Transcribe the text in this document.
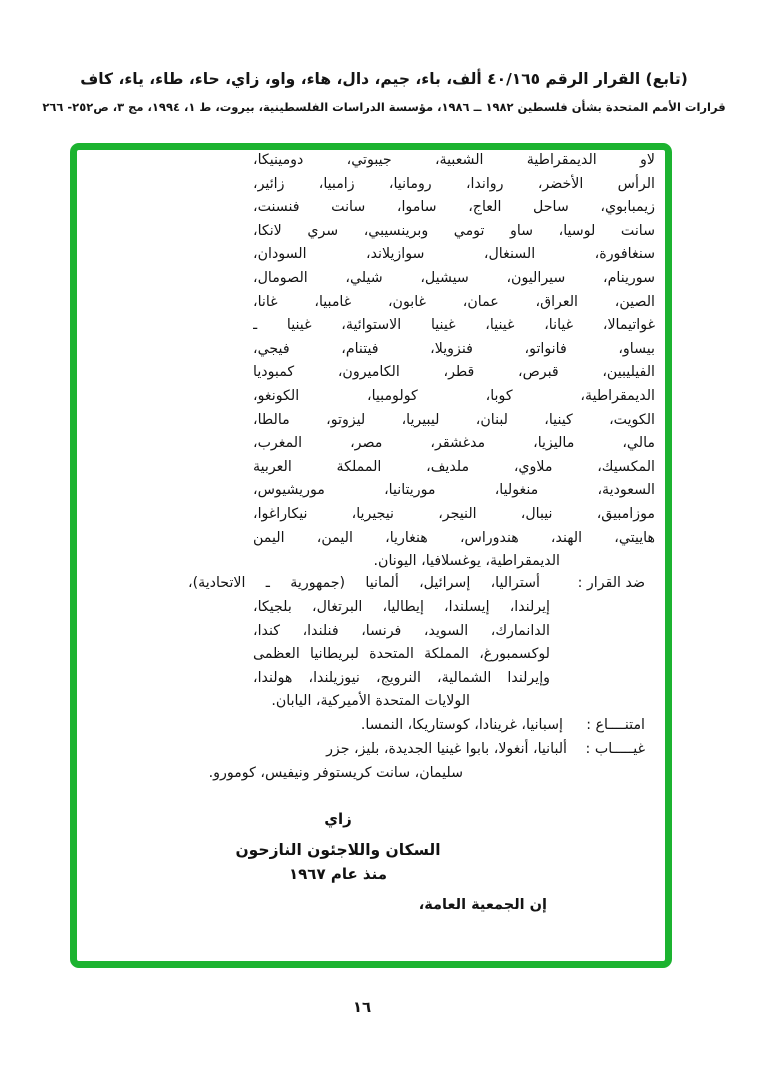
(تابع) القرار الرقم ٤٠/١٦٥ ألف، باء، جيم، دال، هاء، واو، زاي، حاء، طاء، ياء، كاف
قرارات الأمم المتحدة بشأن فلسطين ١٩٨٢ ــ ١٩٨٦، مؤسسة الدراسات الفلسطينية، بيروت، ط ١، ١٩٩٤، مج ٣، ص٢٥٢- ٢٦٦
لاو الديمقراطية الشعبية، جيبوتي، دومينيكا،
الرأس الأخضر، رواندا، رومانيا، زامبيا، زائير،
زيمبابوي، ساحل العاج، ساموا، سانت فنسنت،
سانت لوسيا، ساو تومي وبرينسيبي، سري لانكا،
سنغافورة، السنغال، سوازيلاند، السودان،
سورينام، سيراليون، سيشيل، شيلي، الصومال،
الصين، العراق، عمان، غابون، غامبيا، غانا،
غواتيمالا، غيانا، غينيا، غينيا الاستوائية، غينيا ـ
بيساو، فانواتو، فنزويلا، فيتنام، فيجي،
الفيليبين، قبرص، قطر، الكاميرون، كمبوديا
الديمقراطية، كوبا، كولومبيا، الكونغو،
الكويت، كينيا، لبنان، ليبيريا، ليزوتو، مالطا،
مالي، ماليزيا، مدغشقر، مصر، المغرب،
المكسيك، ملاوي، ملديف، المملكة العربية
السعودية، منغوليا، موريتانيا، موريشيوس،
موزامبيق، نيبال، النيجر، نيجيريا، نيكاراغوا،
هاييتي، الهند، هندوراس، هنغاريا، اليمن، اليمن
الديمقراطية، يوغسلافيا، اليونان.
ضد القرار :
أستراليا، إسرائيل، ألمانيا (جمهورية ـ الاتحادية)،
إيرلندا، إيسلندا، إيطاليا، البرتغال، بلجيكا،
الدانمارك، السويد، فرنسا، فنلندا، كندا،
لوكسمبورغ، المملكة المتحدة لبريطانيا العظمى
وإيرلندا الشمالية، النرويج، نيوزيلندا، هولندا،
الولايات المتحدة الأميركية، اليابان.
امتنــــاع :
إسبانيا، غرينادا، كوستاريكا، النمسا.
غيـــــاب :
ألبانيا، أنغولا، بابوا غينيا الجديدة، بليز، جزر
سليمان، سانت كريستوفر ونيفيس، كومورو.
زاي
السكان واللاجئون النازحون
منذ عام ١٩٦٧
إن الجمعية العامة،
١٦
